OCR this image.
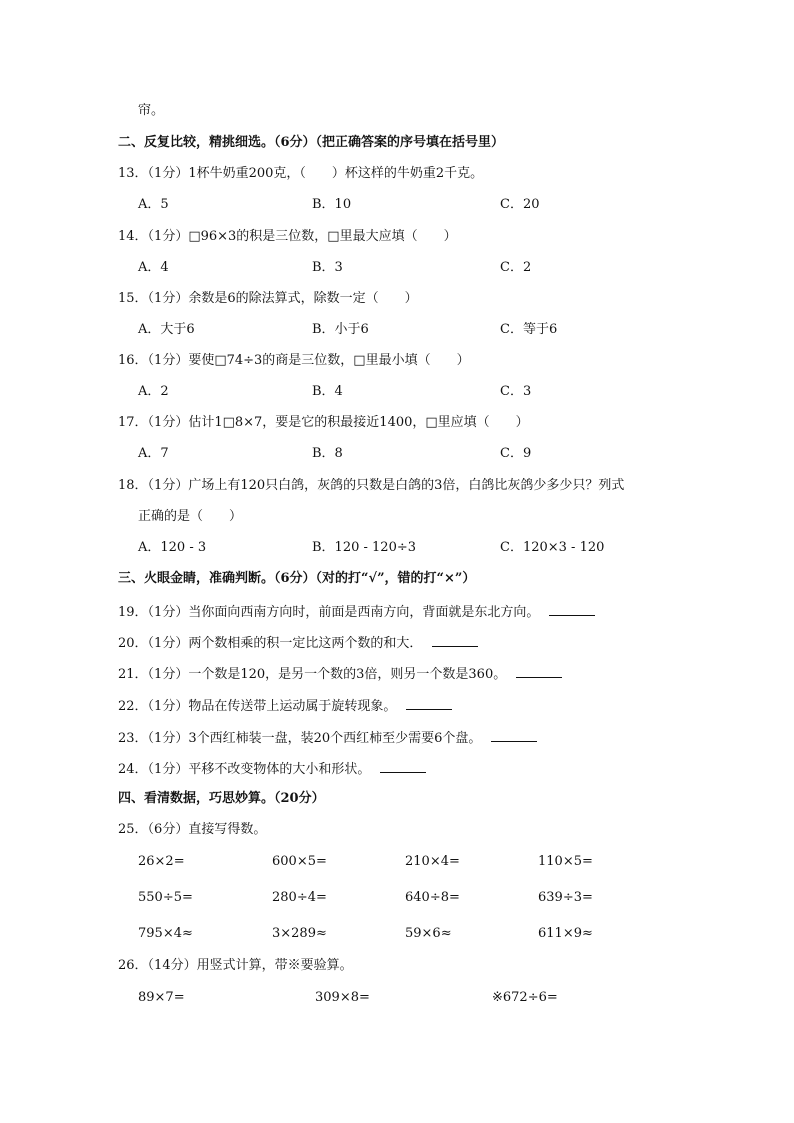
帘。
二、反复比较，精挑细选。（6分）（把正确答案的序号填在括号里）
13．（1分）1杯牛奶重200克，（　　）杯这样的牛奶重2千克。
A．5	B．10	C．20
14．（1分）□96×3的积是三位数，□里最大应填（　　）
A．4	B．3	C．2
15．（1分）余数是6的除法算式，除数一定（　　）
A．大于6	B．小于6	C．等于6
16．（1分）要使□74÷3的商是三位数，□里最小填（　　）
A．2	B．4	C．3
17．（1分）估计1□8×7，要是它的积最接近1400，□里应填（　　）
A．7	B．8	C．9
18．（1分）广场上有120只白鸽，灰鸽的只数是白鸽的3倍，白鸽比灰鸽少多少只？列式
正确的是（　　）
A．120 - 3	B．120 - 120÷3	C．120×3 - 120
三、火眼金睛，准确判断。（6分）（对的打“√”，错的打“×”）
19．（1分）当你面向西南方向时，前面是西南方向，背面就是东北方向。
20．（1分）两个数相乘的积一定比这两个数的和大．
21．（1分）一个数是120，是另一个数的3倍，则另一个数是360。
22．（1分）物品在传送带上运动属于旋转现象。
23．（1分）3个西红柿装一盘，装20个西红柿至少需要6个盘。
24．（1分）平移不改变物体的大小和形状。
四、看清数据，巧思妙算。（20分）
25．（6分）直接写得数。
26×2=	600×5=	210×4=	110×5=
550÷5=	280÷4=	640÷8=	639÷3=
795×4≈	3×289≈	59×6≈	611×9≈
26．（14分）用竖式计算，带※要验算。
89×7=	309×8=	※672÷6=
